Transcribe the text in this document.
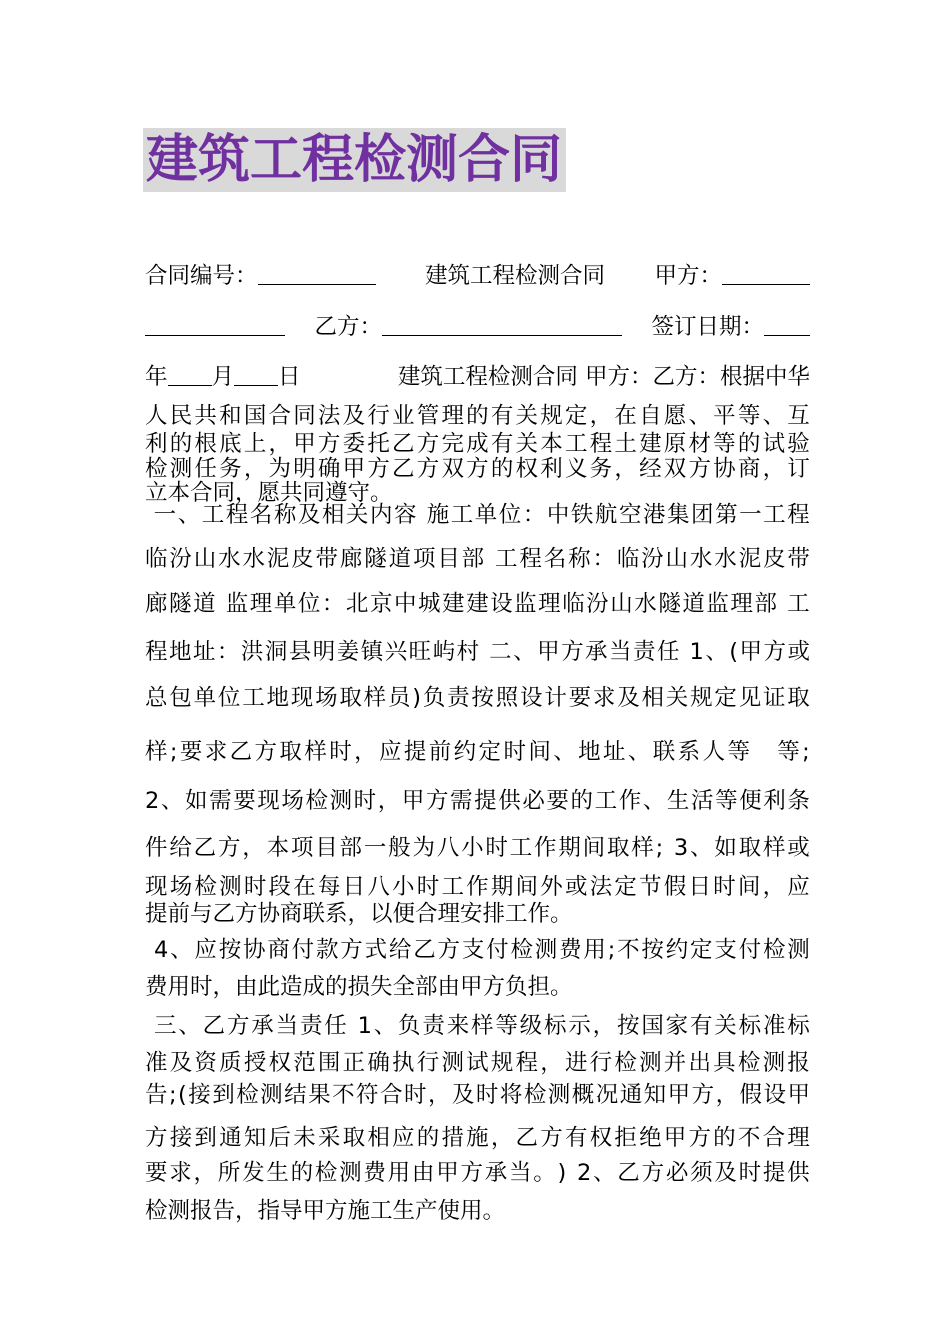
建筑工程检测合同
合同编号：	建筑工程检测合同 甲方：
乙方：	签订日期：
年 月 日	建筑工程检测合同 甲方：乙方：根据中华
人 民 共 和 国 合 同 法 及 行 业 管 理 的 有 关 规 定 ， 在 自 愿 、 平 等 、 互
利 的 根 底 上 ， 甲 方 委 托 乙 方 完 成 有 关 本 工 程 土 建 原 材 等 的 试 验
检 测 任 务 ， 为 明 确 甲 方 乙 方 双 方 的 权 利 义 务 ， 经 双 方 协 商 ， 订
立本合同，愿共同遵守。

一 、 工 程 名 称 及 相 关 内 容
施 工 单 位 ： 中 铁 航 空 港 集 团 第 一 工 程
临 汾 山 水 水 泥 皮 带 廊 隧 道 项 目 部
工 程 名 称 ： 临 汾 山 水 水 泥 皮 带
廊 隧 道
监 理 单 位 ： 北 京 中 城 建 建 设 监 理 临 汾 山 水 隧 道 监 理 部
工
程 地 址 ： 洪 洞 县 明 姜 镇 兴 旺 屿 村
二 、 甲 方 承 当 责 任
1 、 ( 甲 方 或
总 包 单 位 工 地 现 场 取 样 员 ) 负 责 按 照 设 计 要 求 及 相 关 规 定 见 证 取
样 ; 要 求 乙 方 取 样 时 ， 应 提 前 约 定 时 间 、 地 址 、 联 系 人 等
　 等 ;
2 、 如 需 要 现 场 检 测 时 ， 甲 方 需 提 供 必 要 的 工 作 、 生 活 等 便 利 条
件 给 乙 方 ， 本 项 目 部 一 般 为 八 小 时 工 作 期 间 取 样 ;
3 、 如 取 样 或
现 场 检 测 时 段 在 每 日 八 小 时 工 作 期 间 外 或 法 定 节 假 日 时 间 ， 应
提前与乙方协商联系，以便合理安排工作。

4 、 应 按 协 商 付 款 方 式 给 乙 方 支 付 检 测 费 用 ; 不 按 约 定 支 付 检 测
费用时，由此造成的损失全部由甲方负担。

三 、 乙 方 承 当 责 任
1 、 负 责 来 样 等 级 标 示 ， 按 国 家 有 关 标 准 标
准 及 资 质 授 权 范 围 正 确 执 行 测 试 规 程 ， 进 行 检 测 并 出 具 检 测 报
告 ; ( 接 到 检 测 结 果 不 符 合 时 ， 及 时 将 检 测 概 况 通 知 甲 方 ， 假 设 甲
方 接 到 通 知 后 未 采 取 相 应 的 措 施 ， 乙 方 有 权 拒 绝 甲 方 的 不 合 理
要 求 ， 所 发 生 的 检 测 费 用 由 甲 方 承 当 。 )
2 、 乙 方 必 须 及 时 提 供
检测报告，指导甲方施工生产使用。
